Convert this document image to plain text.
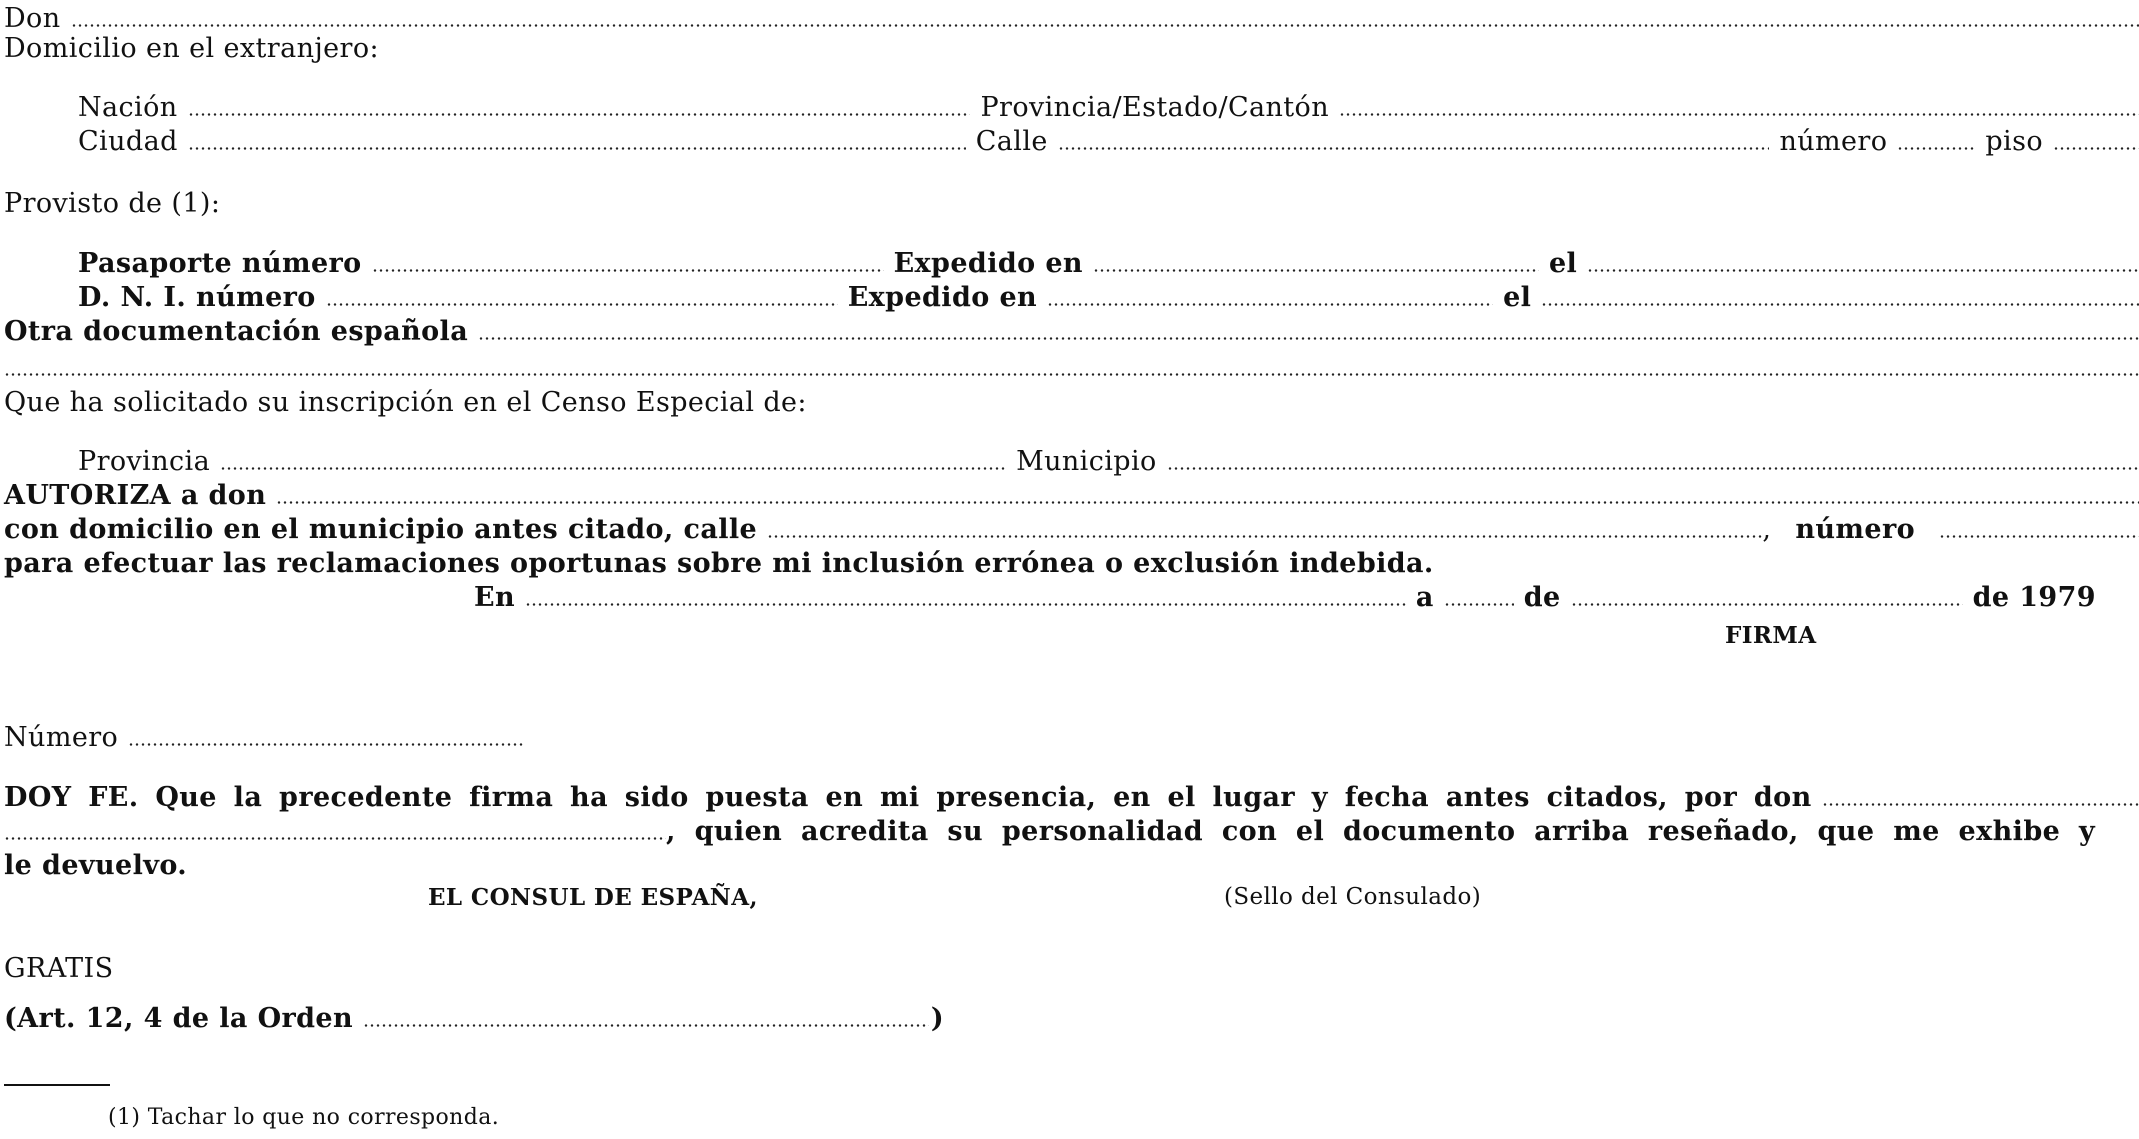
Don
Domicilio en el extranjero:
Nación	Provincia/Estado/Cantón
Ciudad	Calle	número	piso
Provisto de (1):
Pasaporte número	Expedido en	el
D. N. I. número	Expedido en	el
Otra documentación española
Que ha solicitado su inscripción en el Censo Especial de:
Provincia	Municipio
AUTORIZA a don
con domicilio en el municipio antes citado, calle	, número
para efectuar las reclamaciones oportunas sobre mi inclusión errónea o exclusión indebida.
En	a	de	de 1979
FIRMA
Número
DOY FE. Que la precedente firma ha sido puesta en mi presencia, en el lugar y fecha antes citados, por don
, quien acredita su personalidad con el documento arriba reseñado, que me exhibe y
le devuelvo.
EL CONSUL DE ESPAÑA,	(Sello del Consulado)
GRATIS
(Art. 12, 4 de la Orden	)
(1) Tachar lo que no corresponda.
